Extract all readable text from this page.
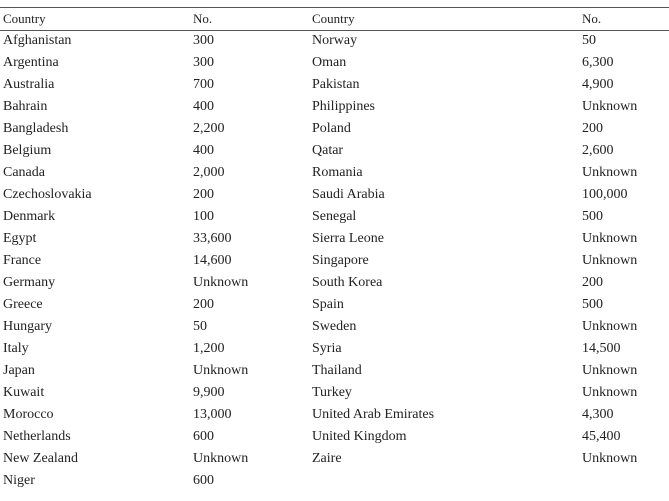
Country	No.	Country	No.
Afghanistan	300	Norway	50
Argentina	300	Oman	6,300
Australia	700	Pakistan	4,900
Bahrain	400	Philippines	Unknown
Bangladesh	2,200	Poland	200
Belgium	400	Qatar	2,600
Canada	2,000	Romania	Unknown
Czechoslovakia	200	Saudi Arabia	100,000
Denmark	100	Senegal	500
Egypt	33,600	Sierra Leone	Unknown
France	14,600	Singapore	Unknown
Germany	Unknown	South Korea	200
Greece	200	Spain	500
Hungary	50	Sweden	Unknown
Italy	1,200	Syria	14,500
Japan	Unknown	Thailand	Unknown
Kuwait	9,900	Turkey	Unknown
Morocco	13,000	United Arab Emirates	4,300
Netherlands	600	United Kingdom	45,400
New Zealand	Unknown	Zaire	Unknown
Niger	600		
